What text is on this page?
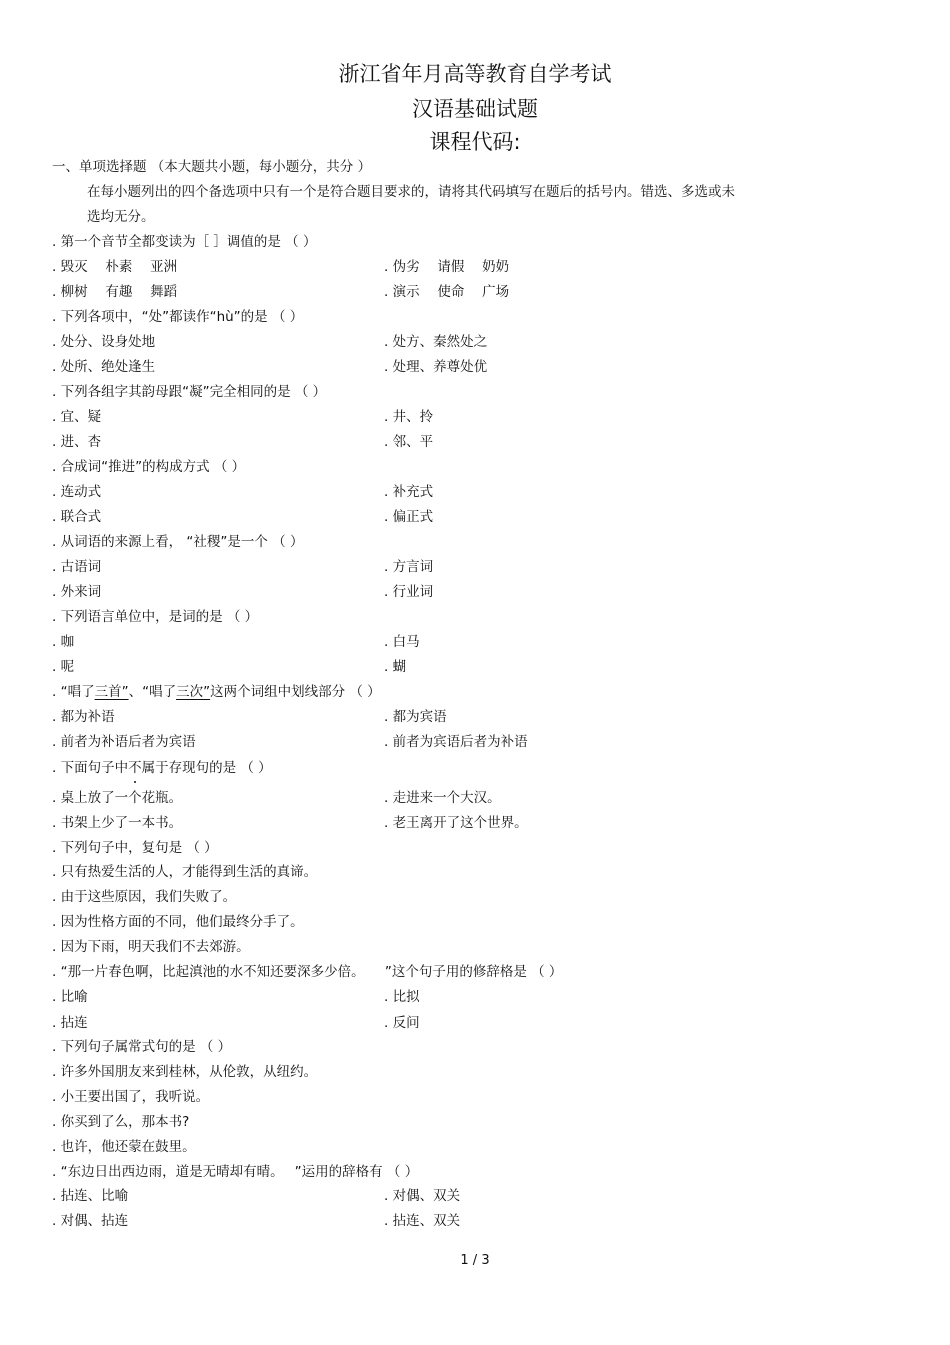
浙江省年月高等教育自学考试
汉语基础试题
课程代码:
一、单项选择题 （本大题共小题，每小题分，共分 ）
在每小题列出的四个备选项中只有一个是符合题目要求的，请将其代码填写在题后的括号内。错选、多选或未
选均无分。
. 第一个音节全都变读为［ ］调值的是 （ ）
. 毁灭　 朴素　 亚洲	. 伪劣　 请假　 奶奶
. 柳树　 有趣　 舞蹈	. 演示　 使命　 广场
. 下列各项中，“处”都读作“hù”的是 （ ）
. 处分、设身处地	. 处方、秦然处之
. 处所、绝处逢生	. 处理、养尊处优
. 下列各组字其韵母跟“凝”完全相同的是 （ ）
. 宜、疑	. 井、拎
. 进、杏	. 邻、平
. 合成词“推进”的构成方式 （ ）
. 连动式	. 补充式
. 联合式	. 偏正式
. 从词语的来源上看， “社稷”是一个 （ ）
. 古语词	. 方言词
. 外来词	. 行业词
. 下列语言单位中，是词的是 （ ）
. 咖	. 白马
. 呢	. 蝴
. “唱了三首”、“唱了三次”这两个词组中划线部分 （ ）
. 都为补语	. 都为宾语
. 前者为补语后者为宾语	. 前者为宾语后者为补语
. 下面句子中不属于存现句的是 （ ）
. 桌上放了一个花瓶。	. 走进来一个大汉。
. 书架上少了一本书。	. 老王离开了这个世界。
. 下列句子中，复句是 （ ）
. 只有热爱生活的人，才能得到生活的真谛。
. 由于这些原因，我们失败了。
. 因为性格方面的不同，他们最终分手了。
. 因为下雨，明天我们不去郊游。
. “那一片春色啊，比起滇池的水不知还要深多少倍。　　”这个句子用的修辞格是 （ ）
. 比喻	. 比拟
. 拈连	. 反问
. 下列句子属常式句的是 （ ）
. 许多外国朋友来到桂林，从伦敦，从纽约。
. 小王要出国了，我听说。
. 你买到了么，那本书?
. 也许，他还蒙在鼓里。
. “东边日出西边雨，道是无晴却有晴。　 ”运用的辞格有 （ ）
. 拈连、比喻	. 对偶、双关
. 对偶、拈连	. 拈连、双关
1 / 3
